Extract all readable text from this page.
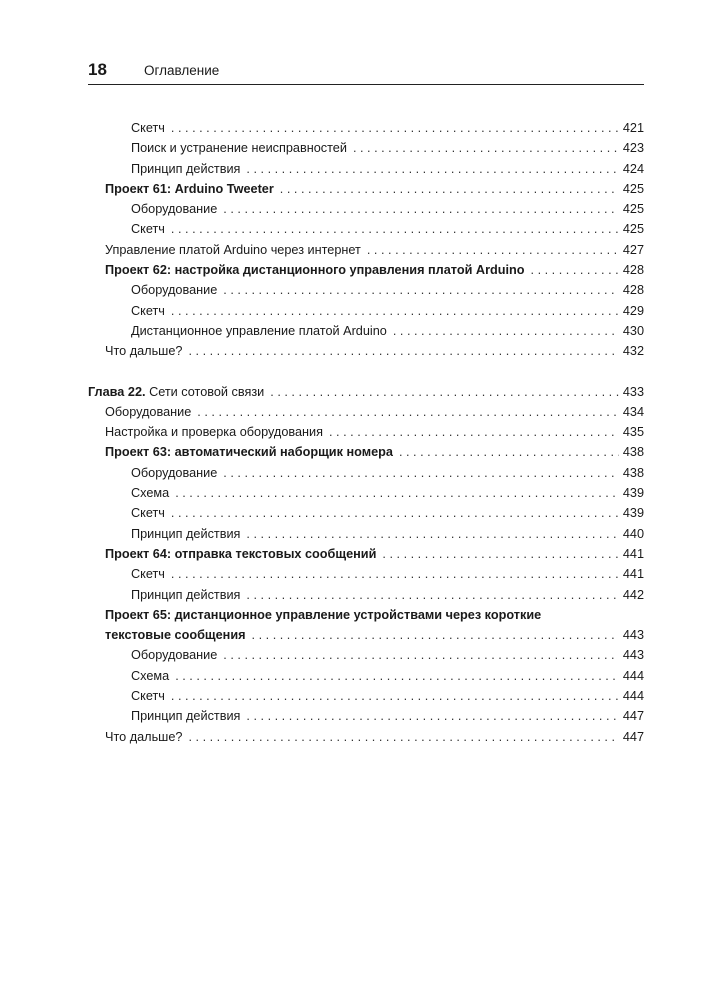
18	Оглавление
Скетч . . .	421
Поиск и устранение неисправностей . . .	423
Принцип действия . . .	424
Проект 61: Arduino Tweeter . . .	425
Оборудование . . .	425
Скетч . . .	425
Управление платой Arduino через интернет . . .	427
Проект 62: настройка дистанционного управления платой Arduino . . .	428
Оборудование . . .	428
Скетч . . .	429
Дистанционное управление платой Arduino . . .	430
Что дальше? . . .	432
Глава 22. Сети сотовой связи . . .	433
Оборудование . . .	434
Настройка и проверка оборудования . . .	435
Проект 63: автоматический наборщик номера . . .	438
Оборудование . . .	438
Схема . . .	439
Скетч . . .	439
Принцип действия . . .	440
Проект 64: отправка текстовых сообщений . . .	441
Скетч . . .	441
Принцип действия . . .	442
Проект 65: дистанционное управление устройствами через короткие
текстовые сообщения . . .	443
Оборудование . . .	443
Схема . . .	444
Скетч . . .	444
Принцип действия . . .	447
Что дальше? . . .	447
